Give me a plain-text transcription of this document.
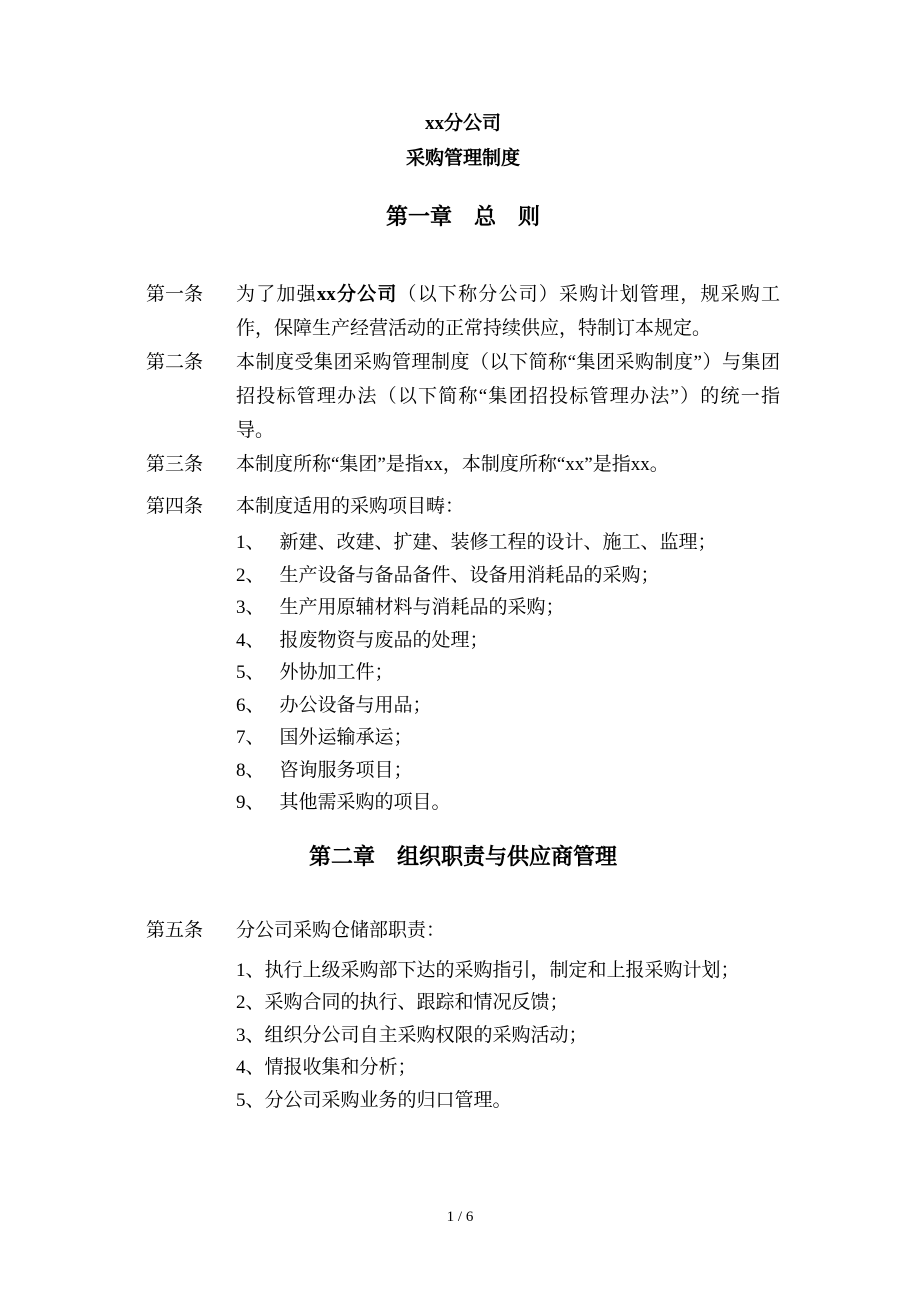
xx分公司
采购管理制度
第一章　总　则
第一条	为了加强xx分公司（以下称分公司）采购计划管理，规采购工作，保障生产经营活动的正常持续供应，特制订本规定。
第二条	本制度受集团采购管理制度（以下简称“集团采购制度”）与集团招投标管理办法（以下简称“集团招投标管理办法”）的统一指导。
第三条	本制度所称“集团”是指xx，本制度所称“xx”是指xx。
第四条	本制度适用的采购项目畴：
1、 新建、改建、扩建、装修工程的设计、施工、监理；
2、 生产设备与备品备件、设备用消耗品的采购；
3、 生产用原辅材料与消耗品的采购；
4、 报废物资与废品的处理；
5、 外协加工件；
6、 办公设备与用品；
7、 国外运输承运；
8、 咨询服务项目；
9、 其他需采购的项目。
第二章　组织职责与供应商管理
第五条	分公司采购仓储部职责：
1、执行上级采购部下达的采购指引，制定和上报采购计划；
2、采购合同的执行、跟踪和情况反馈；
3、组织分公司自主采购权限的采购活动；
4、情报收集和分析；
5、分公司采购业务的归口管理。
1 / 6
